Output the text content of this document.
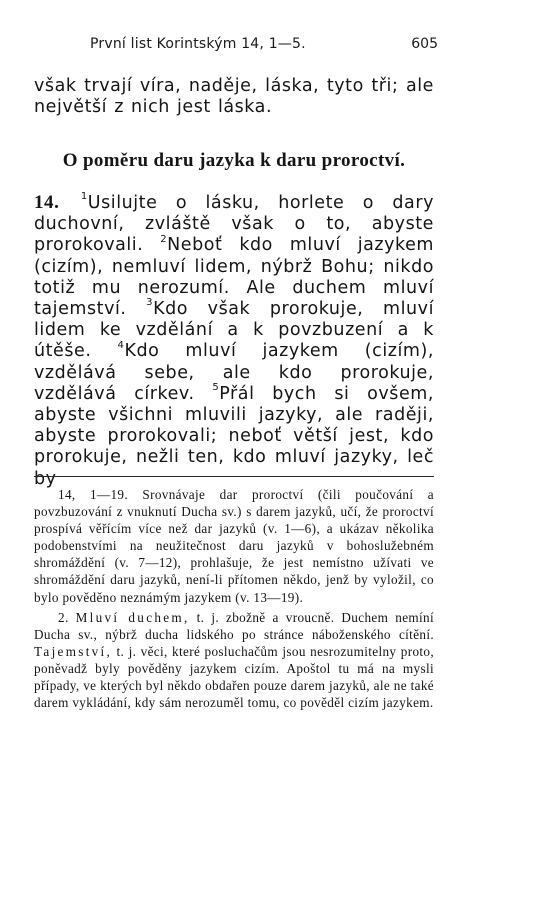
První list Korintským 14, 1—5.	605

však trvají víra, naděje, láska, tyto tři; ale největší z nich jest láska.

O poměru daru jazyka k daru proroctví.

14. $^1$Usilujte o lásku, horlete o dary duchovní, zvláště však o to, abyste prorokovali. $^2$Neboť kdo mluví jazykem (cizím), nemluví lidem, nýbrž Bohu; nikdo totiž mu nerozumí. Ale duchem mluví tajemství. $^3$Kdo však prorokuje, mluví lidem ke vzdělání a k povzbuzení a k útěše. $^4$Kdo mluví jazykem (cizím), vzdělává sebe, ale kdo prorokuje, vzdělává církev. $^5$Přál bych si ovšem, abyste všichni mluvili jazyky, ale raději, abyste prorokovali; neboť větší jest, kdo prorokuje, nežli ten, kdo mluví jazyky, leč by

14, 1—19. Srovnávaje dar proroctví (čili poučování a povzbuzování z vnuknutí Ducha sv.) s darem jazyků, učí, že proroctví prospívá věřícím více než dar jazyků (v. 1—6), a ukázav několika podobenstvími na neužitečnost daru jazyků v bohoslužebném shromáždění (v. 7—12), prohlašuje, že jest nemístno užívati ve shromáždění daru jazyků, není-li přítomen někdo, jenž by vyložil, co bylo pověděno neznámým jazykem (v. 13—19).

2. Mluví duchem, t. j. zbožně a vroucně. Duchem nemíní Ducha sv., nýbrž ducha lidského po stránce náboženského cítění. Tajemství, t. j. věci, které posluchačům jsou nesrozumitelny proto, poněvadž byly pověděny jazykem cizím. Apoštol tu má na mysli případy, ve kterých byl někdo obdařen pouze darem jazyků, ale ne také darem vykládání, kdy sám nerozuměl tomu, co pověděl cizím jazykem.
